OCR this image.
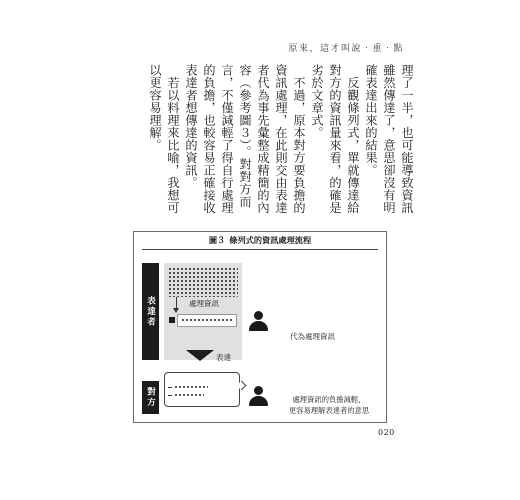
原來，這才叫說‧重‧點

理了一半，也可能導致資訊雖然傳達了，意思卻沒有明確表達出來的結果。

　反觀條列式，單就傳達給對方的資訊量來看，的確是劣於文章式。

　不過，原本對方要負擔的資訊處理，在此則交由表達者代為事先彙整成精簡的內容（參考圖３）。對對方而言，不僅減輕了得自行處理的負擔，也較容易正確接收表達者想傳達的資訊。

　若以料理來比喻，我想可以更容易理解。

圖３ 條列式的資訊處理流程
表達者	處理資訊
代為處理資訊
表達
對方	處理資訊的負擔減輕，
更容易理解表達者的意思
020
